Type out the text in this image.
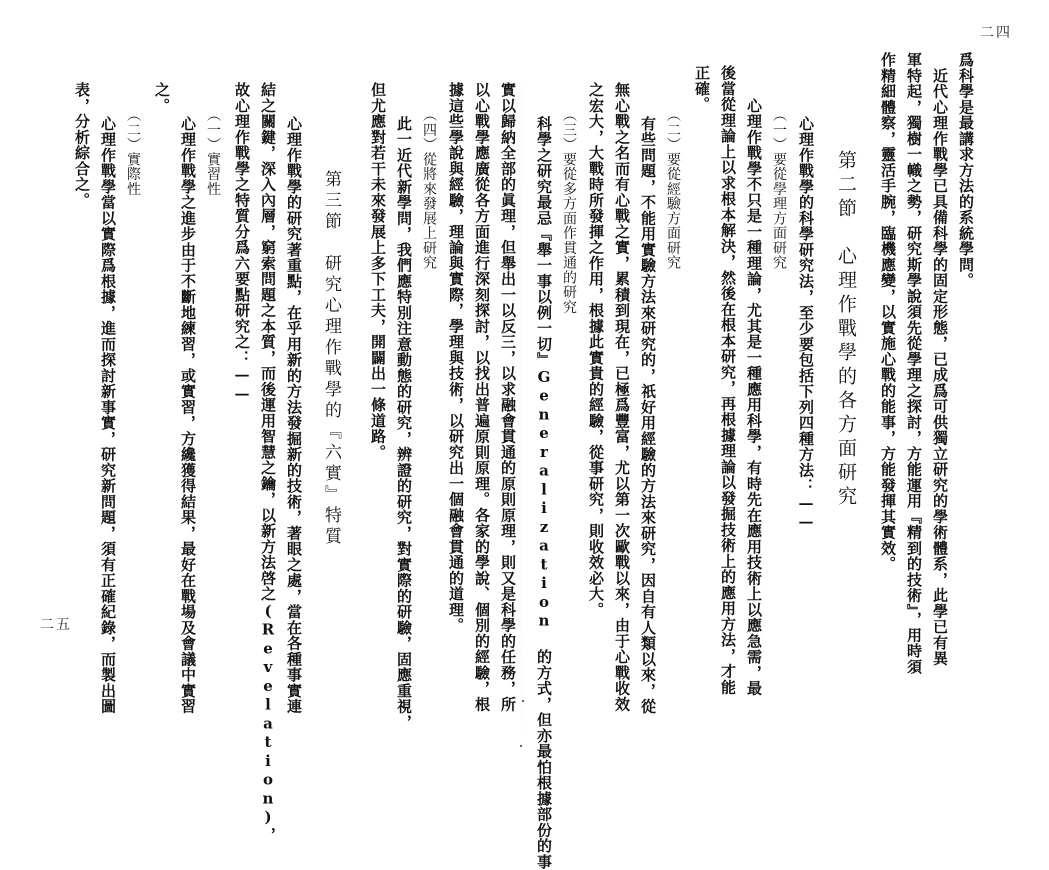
二四
爲科學是最講求方法的系統學問。
　近代心理作戰學已具備科學的固定形態，已成爲可供獨立研究的學術體系，此學已有異
軍特起，獨樹一幟之勢，研究斯學說須先從學理之探討，方能運用『精到的技術』，用時須
作精細體察，靈活手腕，臨機應變，以實施心戰的能事，方能發揮其實效。
第二節　心理作戰學的各方面研究
　心理作戰學的科學研究法，至少要包括下列四種方法：——
　（一）要從學理方面研究
　心理作戰學不只是一種理論，尤其是一種應用科學，有時先在應用技術上以應急需，最
後當從理論上以求根本解決，然後在根本研究，再根據理論以發掘技術上的應用方法，才能
正確。
　（二）要從經驗方面研究
　有些問題，不能用實驗方法來研究的，祇好用經驗的方法來研究，因自有人類以來，從
無心戰之名而有心戰之實，累積到現在，已極爲豐富，尤以第一次歐戰以來，由于心戰收效
之宏大，大戰時所發揮之作用，根據此實貴的經驗，從事研究，則收效必大。
　（三）要從多方面作貫通的研究
　科學之研究最忌『舉一事以例一切』Generalization 的方式，但亦最怕根據部份的事
實以歸納全部的眞理，但舉出一以反三，以求融會貫通的原則原理，則又是科學的任務，所
以心戰學應廣從各方面進行深刻探討，以找出普遍原則原理。各家的學說、個別的經驗，根
據這些學說與經驗，理論與實際，學理與技術，以研究出一個融會貫通的道理。
　（四）從將來發展上研究
　此一近代新學問，我們應特別注意動態的研究，辨證的研究，對實際的研驗，固應重視，
但尤應對若干未來發展上多下工夫，開闢出一條道路。
第三節　研究心理作戰學的『六實』特質
　心理作戰學的研究著重點，在乎用新的方法發掘新的技術，著眼之處，當在各種事實連
結之關鍵，深入內層，窮索問題之本質，而後運用智慧之鑰，以新方法啓之(Revelation)，
故心理作戰學之特質分爲六要點研究之：——
　（一）實習性
　心理作戰學之進步由于不斷地練習，或實習，方纔獲得結果，最好在戰場及會議中實習
之。
　（二）實際性
　心理作戰學當以實際爲根據，進而探討新事實，研究新問題，須有正確紀錄，而製出圖
表，分析綜合之。
二五
